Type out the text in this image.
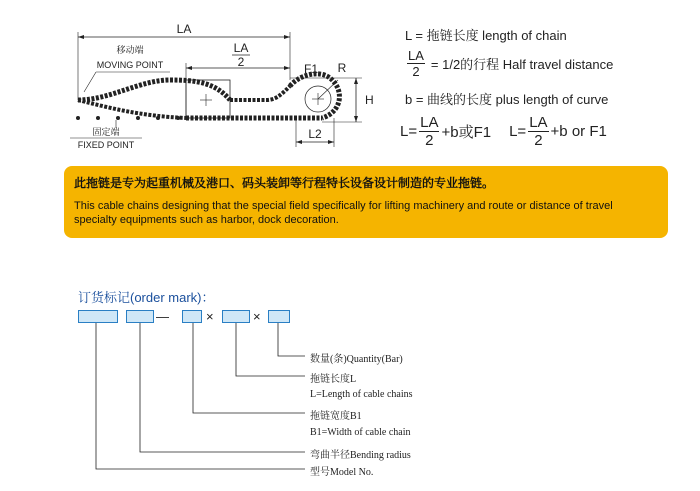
LA
LA
2
移动端
MOVING POINT	F1 R
H
L2
固定端
FIXED POINT
L = 拖链长度 length of chain
$\frac{LA}{2} = 1/2$的行程 Half travel distance
b = 曲线的长度 plus length of curve
$L= \frac{LA}{2} +b$或F1 $L= \frac{LA}{2} +b$ or F1
此拖链是专为起重机械及港口、码头装卸等行程特长设备设计制造的专业拖链。
This cable chains designing that the special field specifically for lifting machinery and route or distance of travel specialty equipments such as harbor, dock decoration.
订货标记(order mark)：
—	×	×
数量(条)Quantity(Bar)
拖链长度L
L=Length of cable chains
拖链宽度B1
B1=Width of cable chain
弯曲半径Bending radius
型号Model No.
